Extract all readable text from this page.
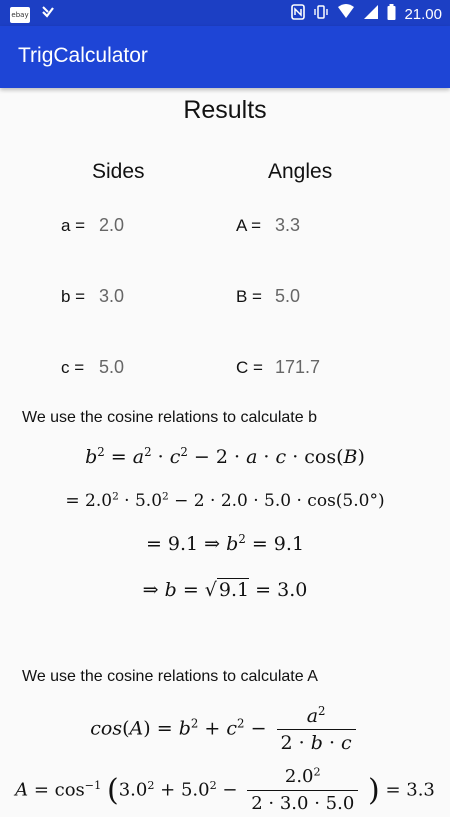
ebay	21.00
TrigCalculator
Results
Sides	Angles
a = 2.0	A = 3.3
b = 3.0	B = 5.0
c = 5.0	C = 171.7
We use the cosine relations to calculate b
$b^2 = a^2 \cdot c^2 - 2 \cdot a \cdot c \cdot \cos(B)$
= $2.0^2 \cdot 5.0^2 - 2 \cdot 2.0 \cdot 5.0 \cdot \cos(5.0^\circ)$
= 9.1 ⇒ $b^2 = 9.1$
⇒ b = √ 9.1 = 3.0
We use the cosine relations to calculate A
$\cos(A) = b^2 + c^2 - \frac{a^2}{2 \cdot b \cdot c}$
$A = \cos^{-1} (3.0^2 + 5.0^2 - \frac{2.0^2}{2 \cdot 3.0 \cdot 5.0}$ ) = 3.3
